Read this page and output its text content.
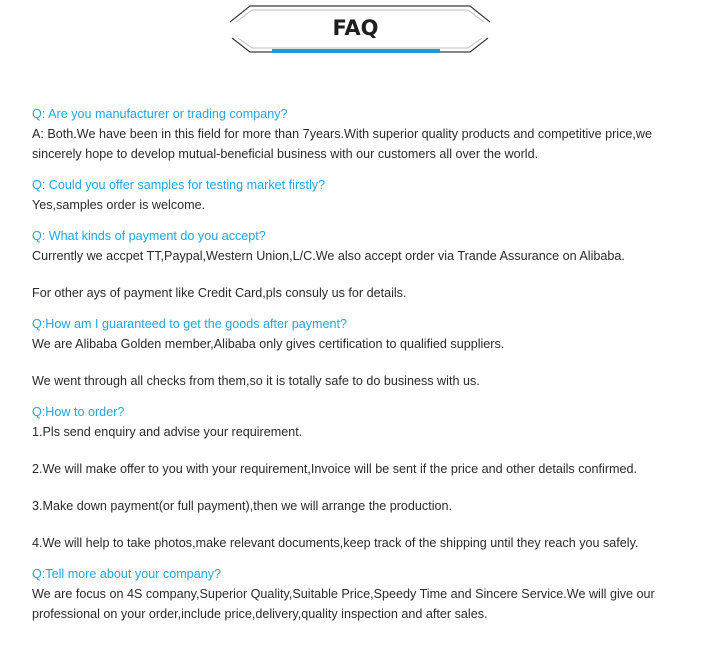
FAQ
Q: Are you manufacturer or trading company?
A: Both.We have been in this field for more than 7years.With superior quality products and competitive price,we
sincerely hope to develop mutual-beneficial business with our customers all over the world.
Q: Could you offer samples for testing market firstly?
Yes,samples order is welcome.
Q: What kinds of payment do you accept?
Currently we accpet TT,Paypal,Western Union,L/C.We also accept order via Trande Assurance on Alibaba.
For other ays of payment like Credit Card,pls consuly us for details.
Q:How am I guaranteed to get the goods after payment?
We are Alibaba Golden member,Alibaba only gives certification to qualified suppliers.
We went through all checks from them,so it is totally safe to do business with us.
Q:How to order?
1.Pls send enquiry and advise your requirement.
2.We will make offer to you with your requirement,Invoice will be sent if the price and other details confirmed.
3.Make down payment(or full payment),then we will arrange the production.
4.We will help to take photos,make relevant documents,keep track of the shipping until they reach you safely.
Q:Tell more about your company?
We are focus on 4S company,Superior Quality,Suitable Price,Speedy Time and Sincere Service.We will give our
professional on your order,include price,delivery,quality inspection and after sales.
